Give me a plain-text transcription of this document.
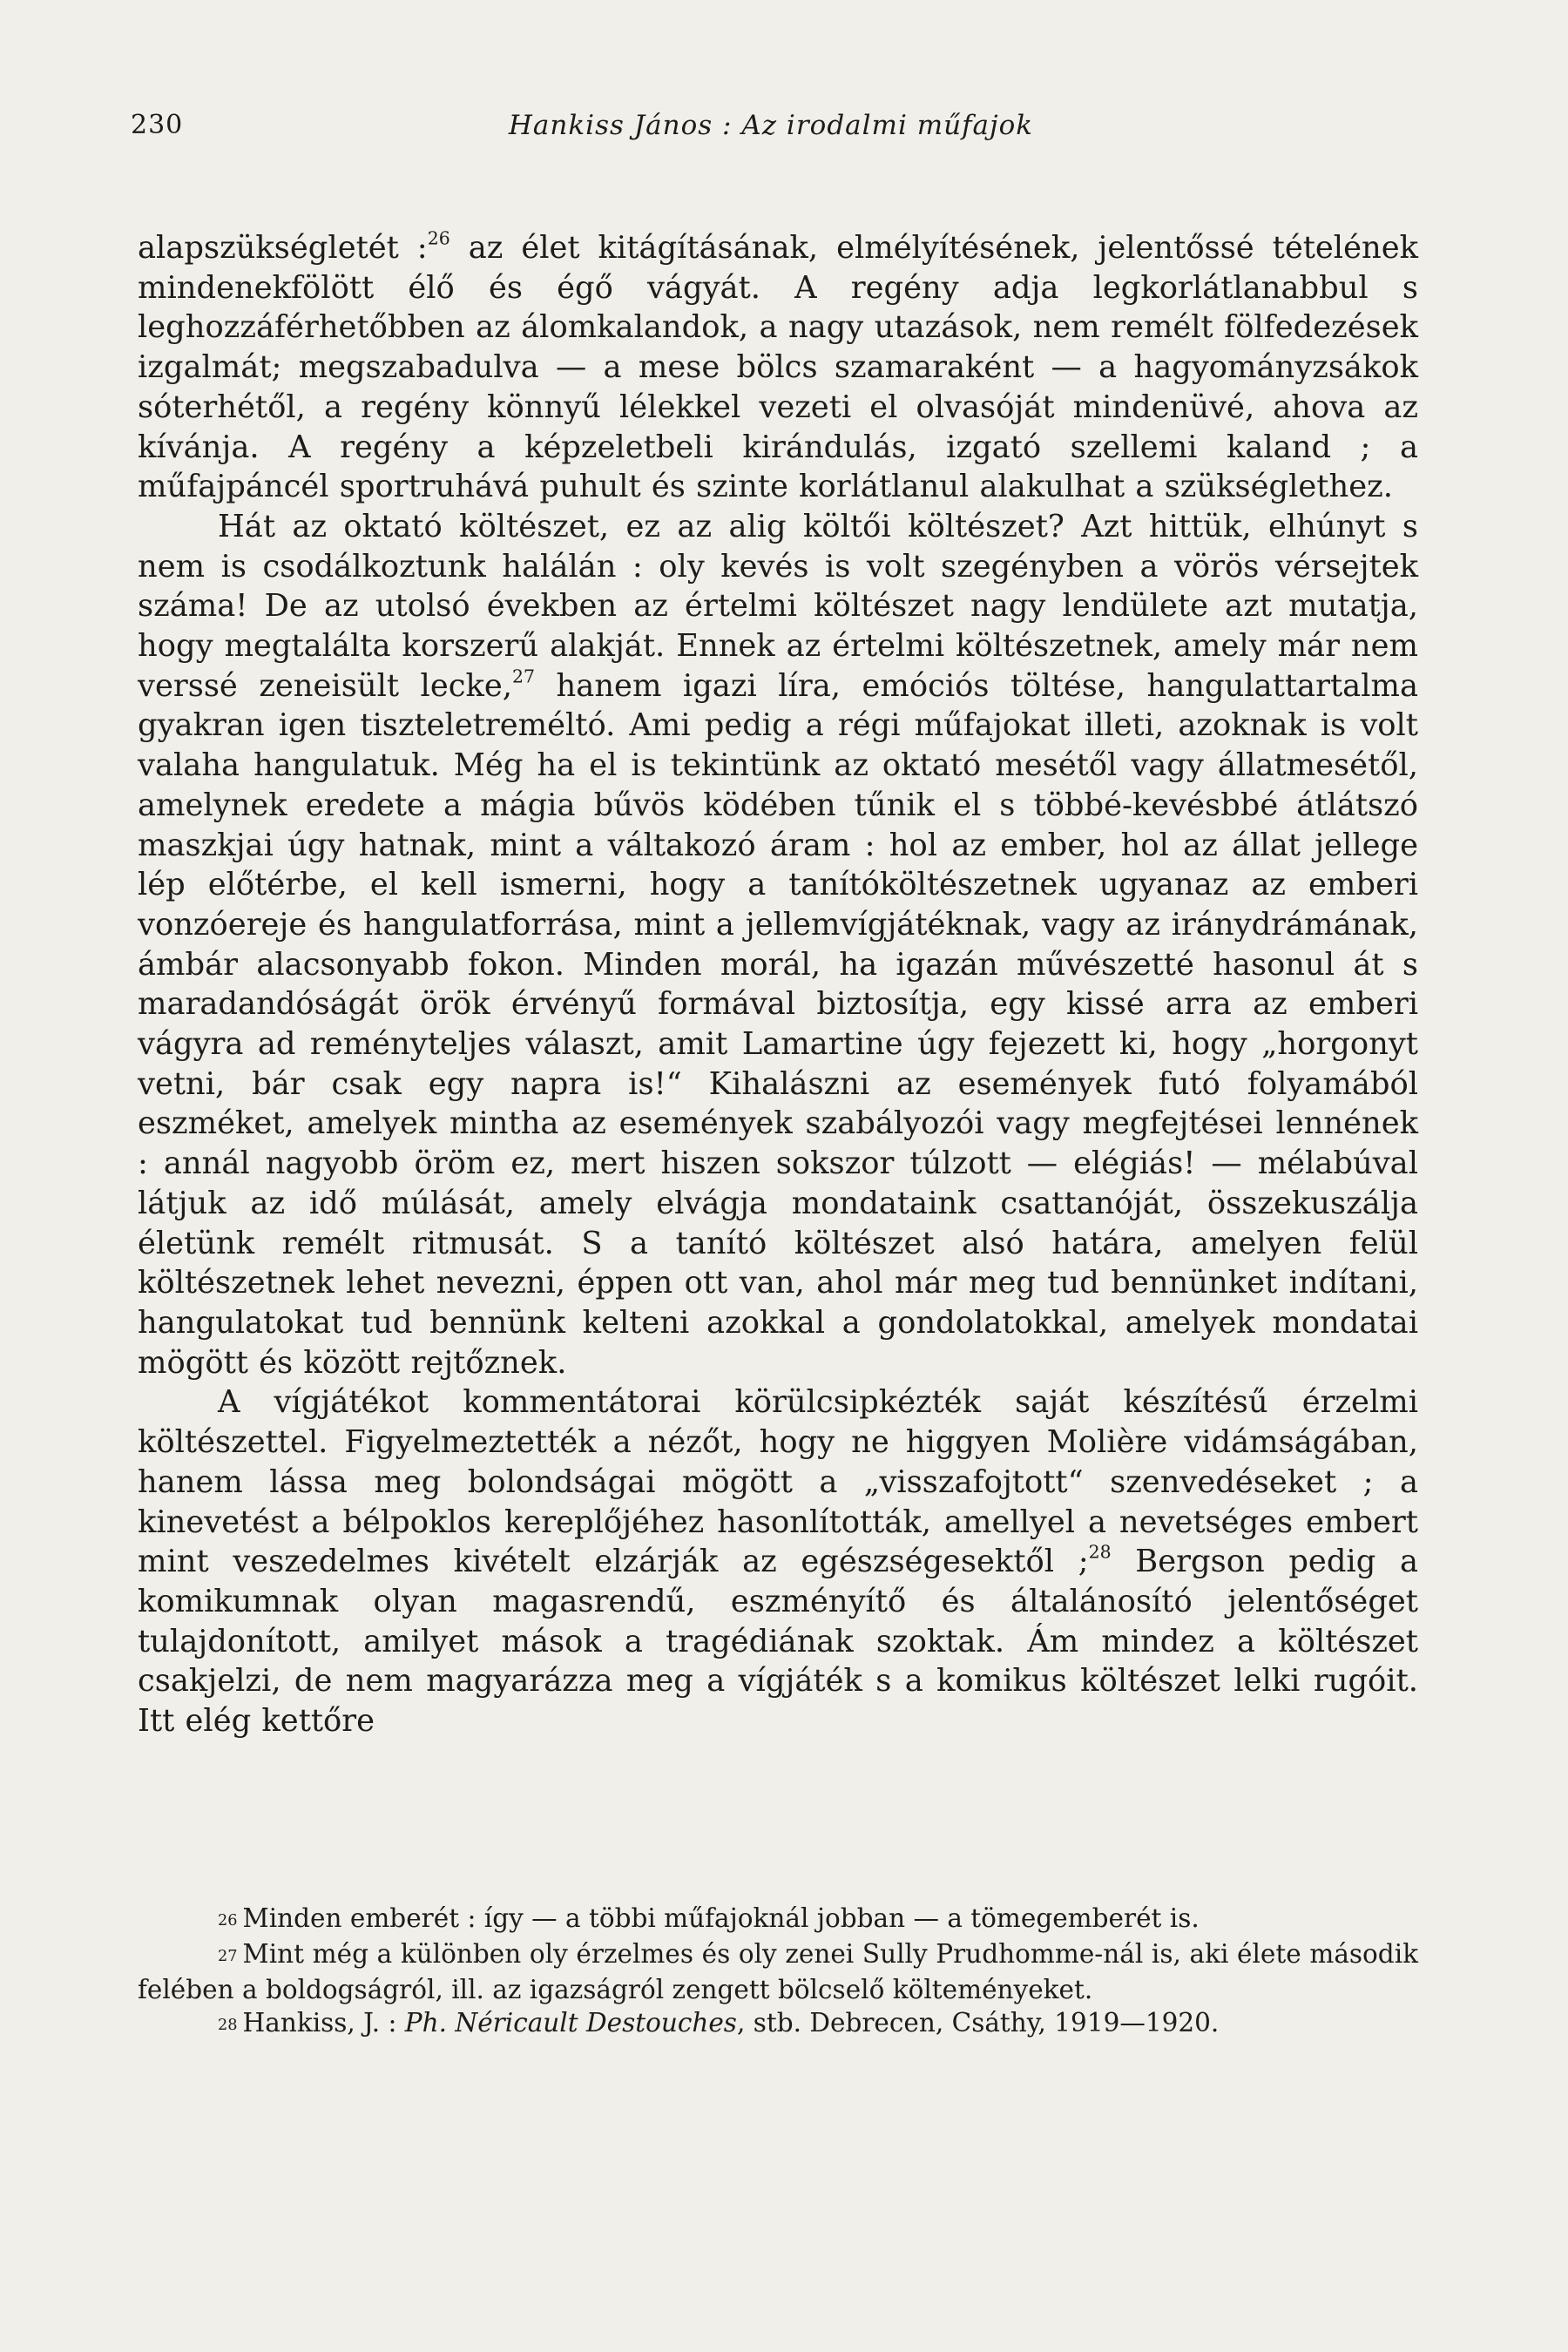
230	Hankiss János : Az irodalmi műfajok

alapszükségletét :$^{26}$ az élet kitágításának, elmélyítésének, jelentőssé tételének mindenekfölött élő és égő vágyát. A regény adja legkorlátlanabbul s leghozzáférhetőbben az álomkalandok, a nagy utazások, nem remélt fölfedezések izgalmát; megszabadulva — a mese bölcs szamaraként — a hagyományzsákok sóterhétől, a regény könnyű lélekkel vezeti el olvasóját mindenüvé, ahova az kívánja. A regény a képzeletbeli kirándulás, izgató szellemi kaland ; a műfajpáncél sportruhává puhult és szinte korlátlanul alakulhat a szükséglethez.

Hát az oktató költészet, ez az alig költői költészet? Azt hittük, elhúnyt s nem is csodálkoztunk halálán : oly kevés is volt szegényben a vörös vérsejtek száma! De az utolsó években az értelmi költészet nagy lendülete azt mutatja, hogy megtalálta korszerű alakját. Ennek az értelmi költészetnek, amely már nem verssé zeneisült lecke,$^{27}$ hanem igazi líra, emóciós töltése, hangulattartalma gyakran igen tiszteletreméltó. Ami pedig a régi műfajokat illeti, azoknak is volt valaha hangulatuk. Még ha el is tekintünk az oktató mesétől vagy állatmesétől, amelynek eredete a mágia bűvös ködében tűnik el s többé-kevésbbé átlátszó maszkjai úgy hatnak, mint a váltakozó áram : hol az ember, hol az állat jellege lép előtérbe, el kell ismerni, hogy a tanítóköltészetnek ugyanaz az emberi vonzóereje és hangulatforrása, mint a jellemvígjátéknak, vagy az iránydrámának, ámbár alacsonyabb fokon. Minden morál, ha igazán művészetté hasonul át s maradandóságát örök érvényű formával biztosítja, egy kissé arra az emberi vágyra ad reményteljes választ, amit Lamartine úgy fejezett ki, hogy „horgonyt vetni, bár csak egy napra is!“ Kihalászni az események futó folyamából eszméket, amelyek mintha az események szabályozói vagy megfejtései lennének : annál nagyobb öröm ez, mert hiszen sokszor túlzott — elégiás! — mélabúval látjuk az idő múlását, amely elvágja mondataink csattanóját, összekuszálja életünk remélt ritmusát. S a tanító költészet alsó határa, amelyen felül költészetnek lehet nevezni, éppen ott van, ahol már meg tud bennünket indítani, hangulatokat tud bennünk kelteni azokkal a gondolatokkal, amelyek mondatai mögött és között rejtőznek.

A vígjátékot kommentátorai körülcsipkézték saját készítésű érzelmi költészettel. Figyelmeztették a nézőt, hogy ne higgyen Molière vidámságában, hanem lássa meg bolondságai mögött a „visszafojtott“ szenvedéseket ; a kinevetést a bélpoklos kereplőjéhez hasonlították, amellyel a nevetséges embert mint veszedelmes kivételt elzárják az egészségesektől ;$^{28}$ Bergson pedig a komikumnak olyan magasrendű, eszményítő és általánosító jelentőséget tulajdonított, amilyet mások a tragédiának szoktak. Ám mindez a költészet csakjelzi, de nem magyarázza meg a vígjáték s a komikus költészet lelki rugóit. Itt elég kettőre

26 Minden emberét : így — a többi műfajoknál jobban — a tömegemberét is.

27 Mint még a különben oly érzelmes és oly zenei Sully Prudhomme-nál is, aki élete második felében a boldogságról, ill. az igazságról zengett bölcselő költeményeket.

28 Hankiss, J. : Ph. Néricault Destouches, stb. Debrecen, Csáthy, 1919—1920.
